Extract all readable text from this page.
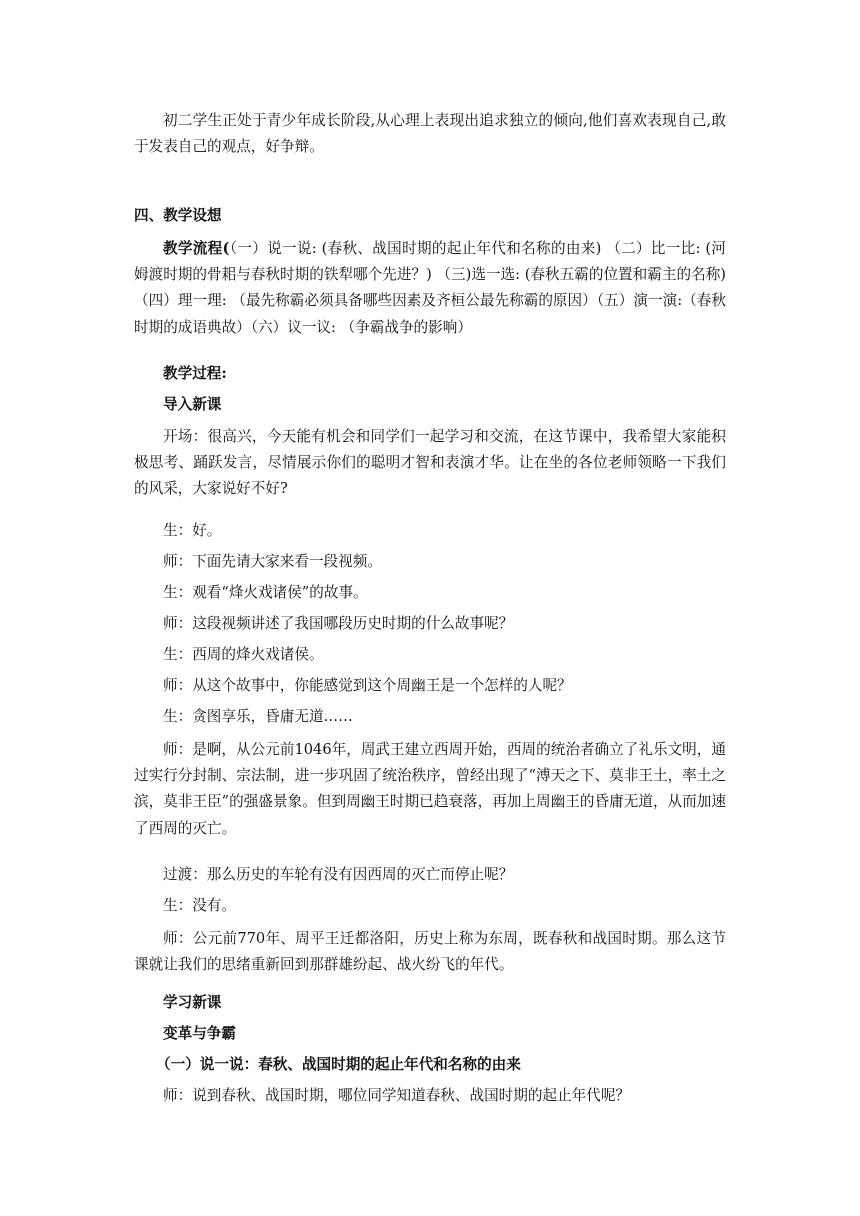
初二学生正处于青少年成长阶段,从心理上表现出追求独立的倾向,他们喜欢表现自己,敢于发表自己的观点，好争辩。
四、教学设想
教学流程(（一）说一说: (春秋、战国时期的起止年代和名称的由来) （二）比一比: (河姆渡时期的骨耜与春秋时期的铁犁哪个先进？) （三)选一选: (春秋五霸的位置和霸主的名称) （四）理一理: （最先称霸必须具备哪些因素及齐桓公最先称霸的原因）（五）演一演:（春秋时期的成语典故）（六）议一议: （争霸战争的影响）
教学过程:
导入新课
开场：很高兴，今天能有机会和同学们一起学习和交流，在这节课中，我希望大家能积极思考、踊跃发言，尽情展示你们的聪明才智和表演才华。让在坐的各位老师领略一下我们的风采，大家说好不好?
生：好。
师：下面先请大家来看一段视频。
生：观看“烽火戏诸侯”的故事。
师：这段视频讲述了我国哪段历史时期的什么故事呢？
生：西周的烽火戏诸侯。
师：从这个故事中，你能感觉到这个周幽王是一个怎样的人呢？
生：贪图享乐，昏庸无道……
师：是啊，从公元前1046年，周武王建立西周开始，西周的统治者确立了礼乐文明，通过实行分封制、宗法制，进一步巩固了统治秩序，曾经出现了“溥天之下、莫非王土，率土之滨，莫非王臣”的强盛景象。但到周幽王时期已趋衰落，再加上周幽王的昏庸无道，从而加速了西周的灭亡。
过渡：那么历史的车轮有没有因西周的灭亡而停止呢？
生：没有。
师：公元前770年、周平王迁都洛阳，历史上称为东周，既春秋和战国时期。那么这节课就让我们的思绪重新回到那群雄纷起、战火纷飞的年代。
学习新课
变革与争霸
（一）说一说：春秋、战国时期的起止年代和名称的由来
师：说到春秋、战国时期，哪位同学知道春秋、战国时期的起止年代呢？
